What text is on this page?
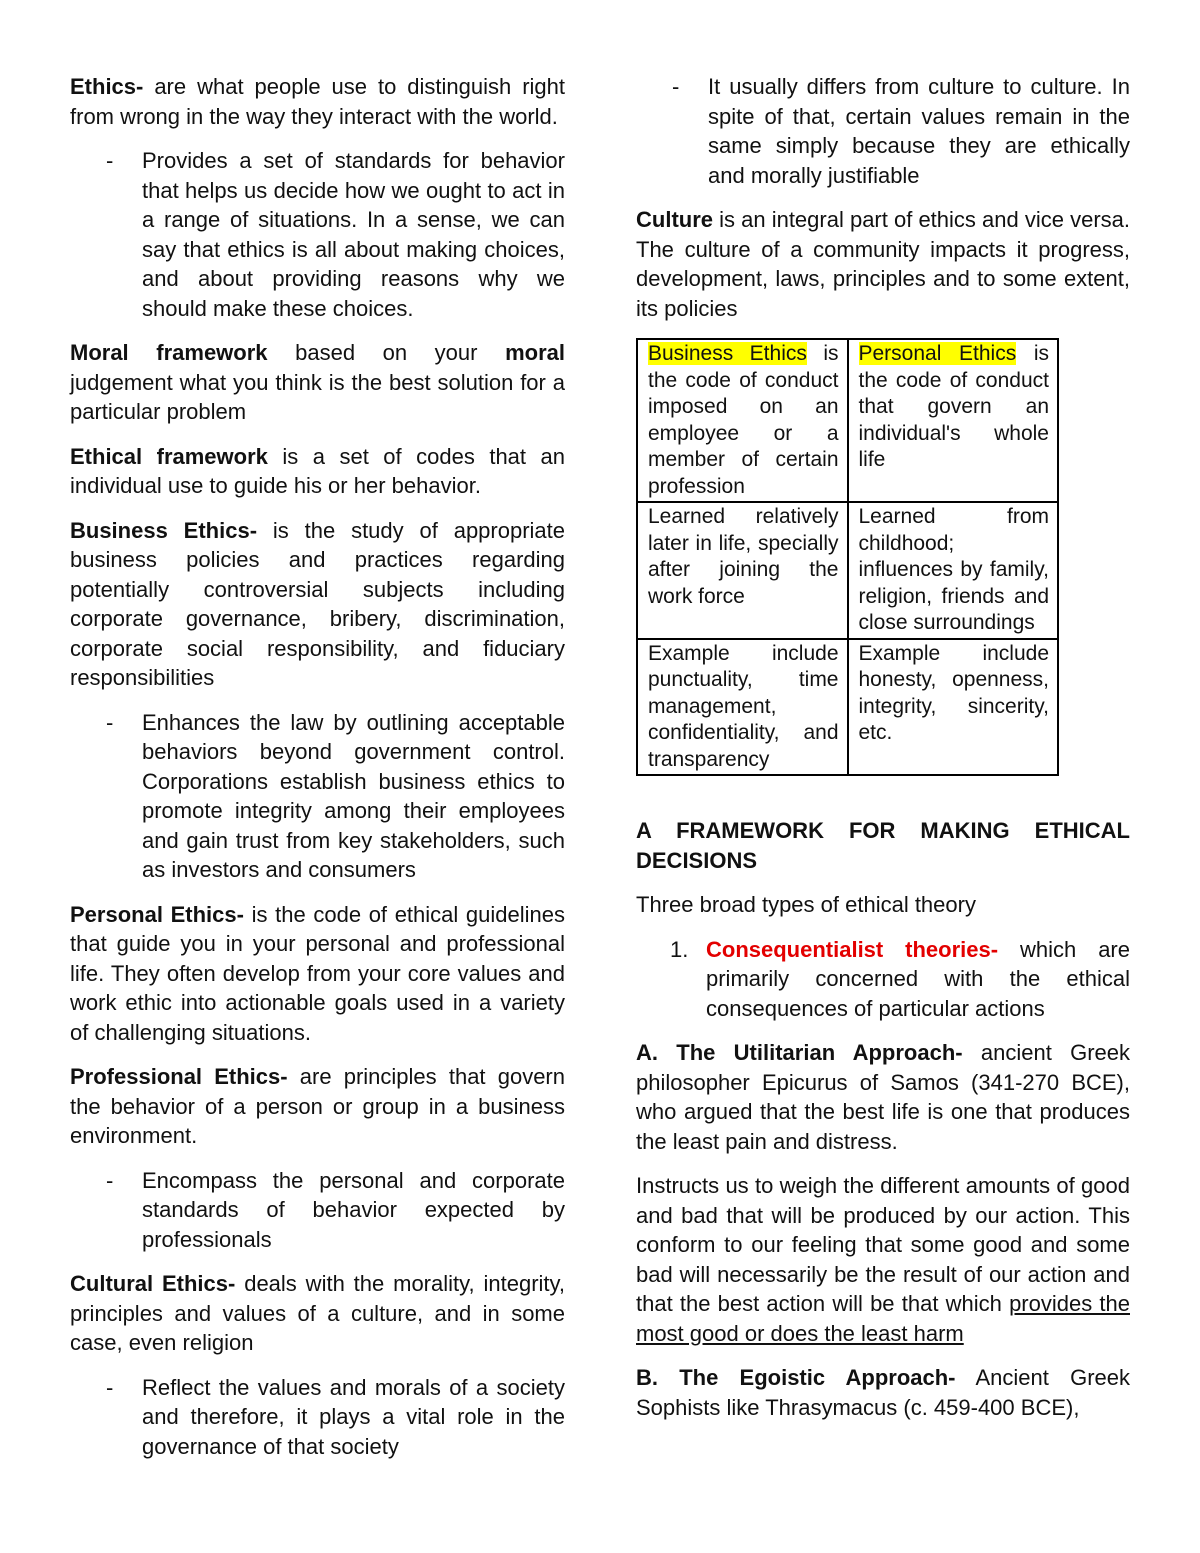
Ethics- are what people use to distinguish right from wrong in the way they interact with the world.

- Provides a set of standards for behavior that helps us decide how we ought to act in a range of situations. In a sense, we can say that ethics is all about making choices, and about providing reasons why we should make these choices.

Moral framework based on your moral judgement what you think is the best solution for a particular problem

Ethical framework is a set of codes that an individual use to guide his or her behavior.

Business Ethics- is the study of appropriate business policies and practices regarding potentially controversial subjects including corporate governance, bribery, discrimination, corporate social responsibility, and fiduciary responsibilities

- Enhances the law by outlining acceptable behaviors beyond government control. Corporations establish business ethics to promote integrity among their employees and gain trust from key stakeholders, such as investors and consumers

Personal Ethics- is the code of ethical guidelines that guide you in your personal and professional life. They often develop from your core values and work ethic into actionable goals used in a variety of challenging situations.

Professional Ethics- are principles that govern the behavior of a person or group in a business environment.

- Encompass the personal and corporate standards of behavior expected by professionals

Cultural Ethics- deals with the morality, integrity, principles and values of a culture, and in some case, even religion

- Reflect the values and morals of a society and therefore, it plays a vital role in the governance of that society
- It usually differs from culture to culture. In spite of that, certain values remain in the same simply because they are ethically and morally justifiable

Culture is an integral part of ethics and vice versa. The culture of a community impacts it progress, development, laws, principles and to some extent, its policies

Business Ethics is the code of conduct imposed on an employee or a member of certain profession	Personal Ethics is the code of conduct that govern an individual's whole life
Learned relatively later in life, specially after joining the work force	Learned from childhood; influences by family, religion, friends and close surroundings
Example include punctuality, time management, confidentiality, and transparency	Example include honesty, openness, integrity, sincerity, etc.
A FRAMEWORK FOR MAKING ETHICAL DECISIONS

Three broad types of ethical theory

1. Consequentialist theories- which are primarily concerned with the ethical consequences of particular actions

A. The Utilitarian Approach- ancient Greek philosopher Epicurus of Samos (341-270 BCE), who argued that the best life is one that produces the least pain and distress.

Instructs us to weigh the different amounts of good and bad that will be produced by our action. This conform to our feeling that some good and some bad will necessarily be the result of our action and that the best action will be that which provides the most good or does the least harm

B. The Egoistic Approach- Ancient Greek Sophists like Thrasymacus (c. 459-400 BCE),
